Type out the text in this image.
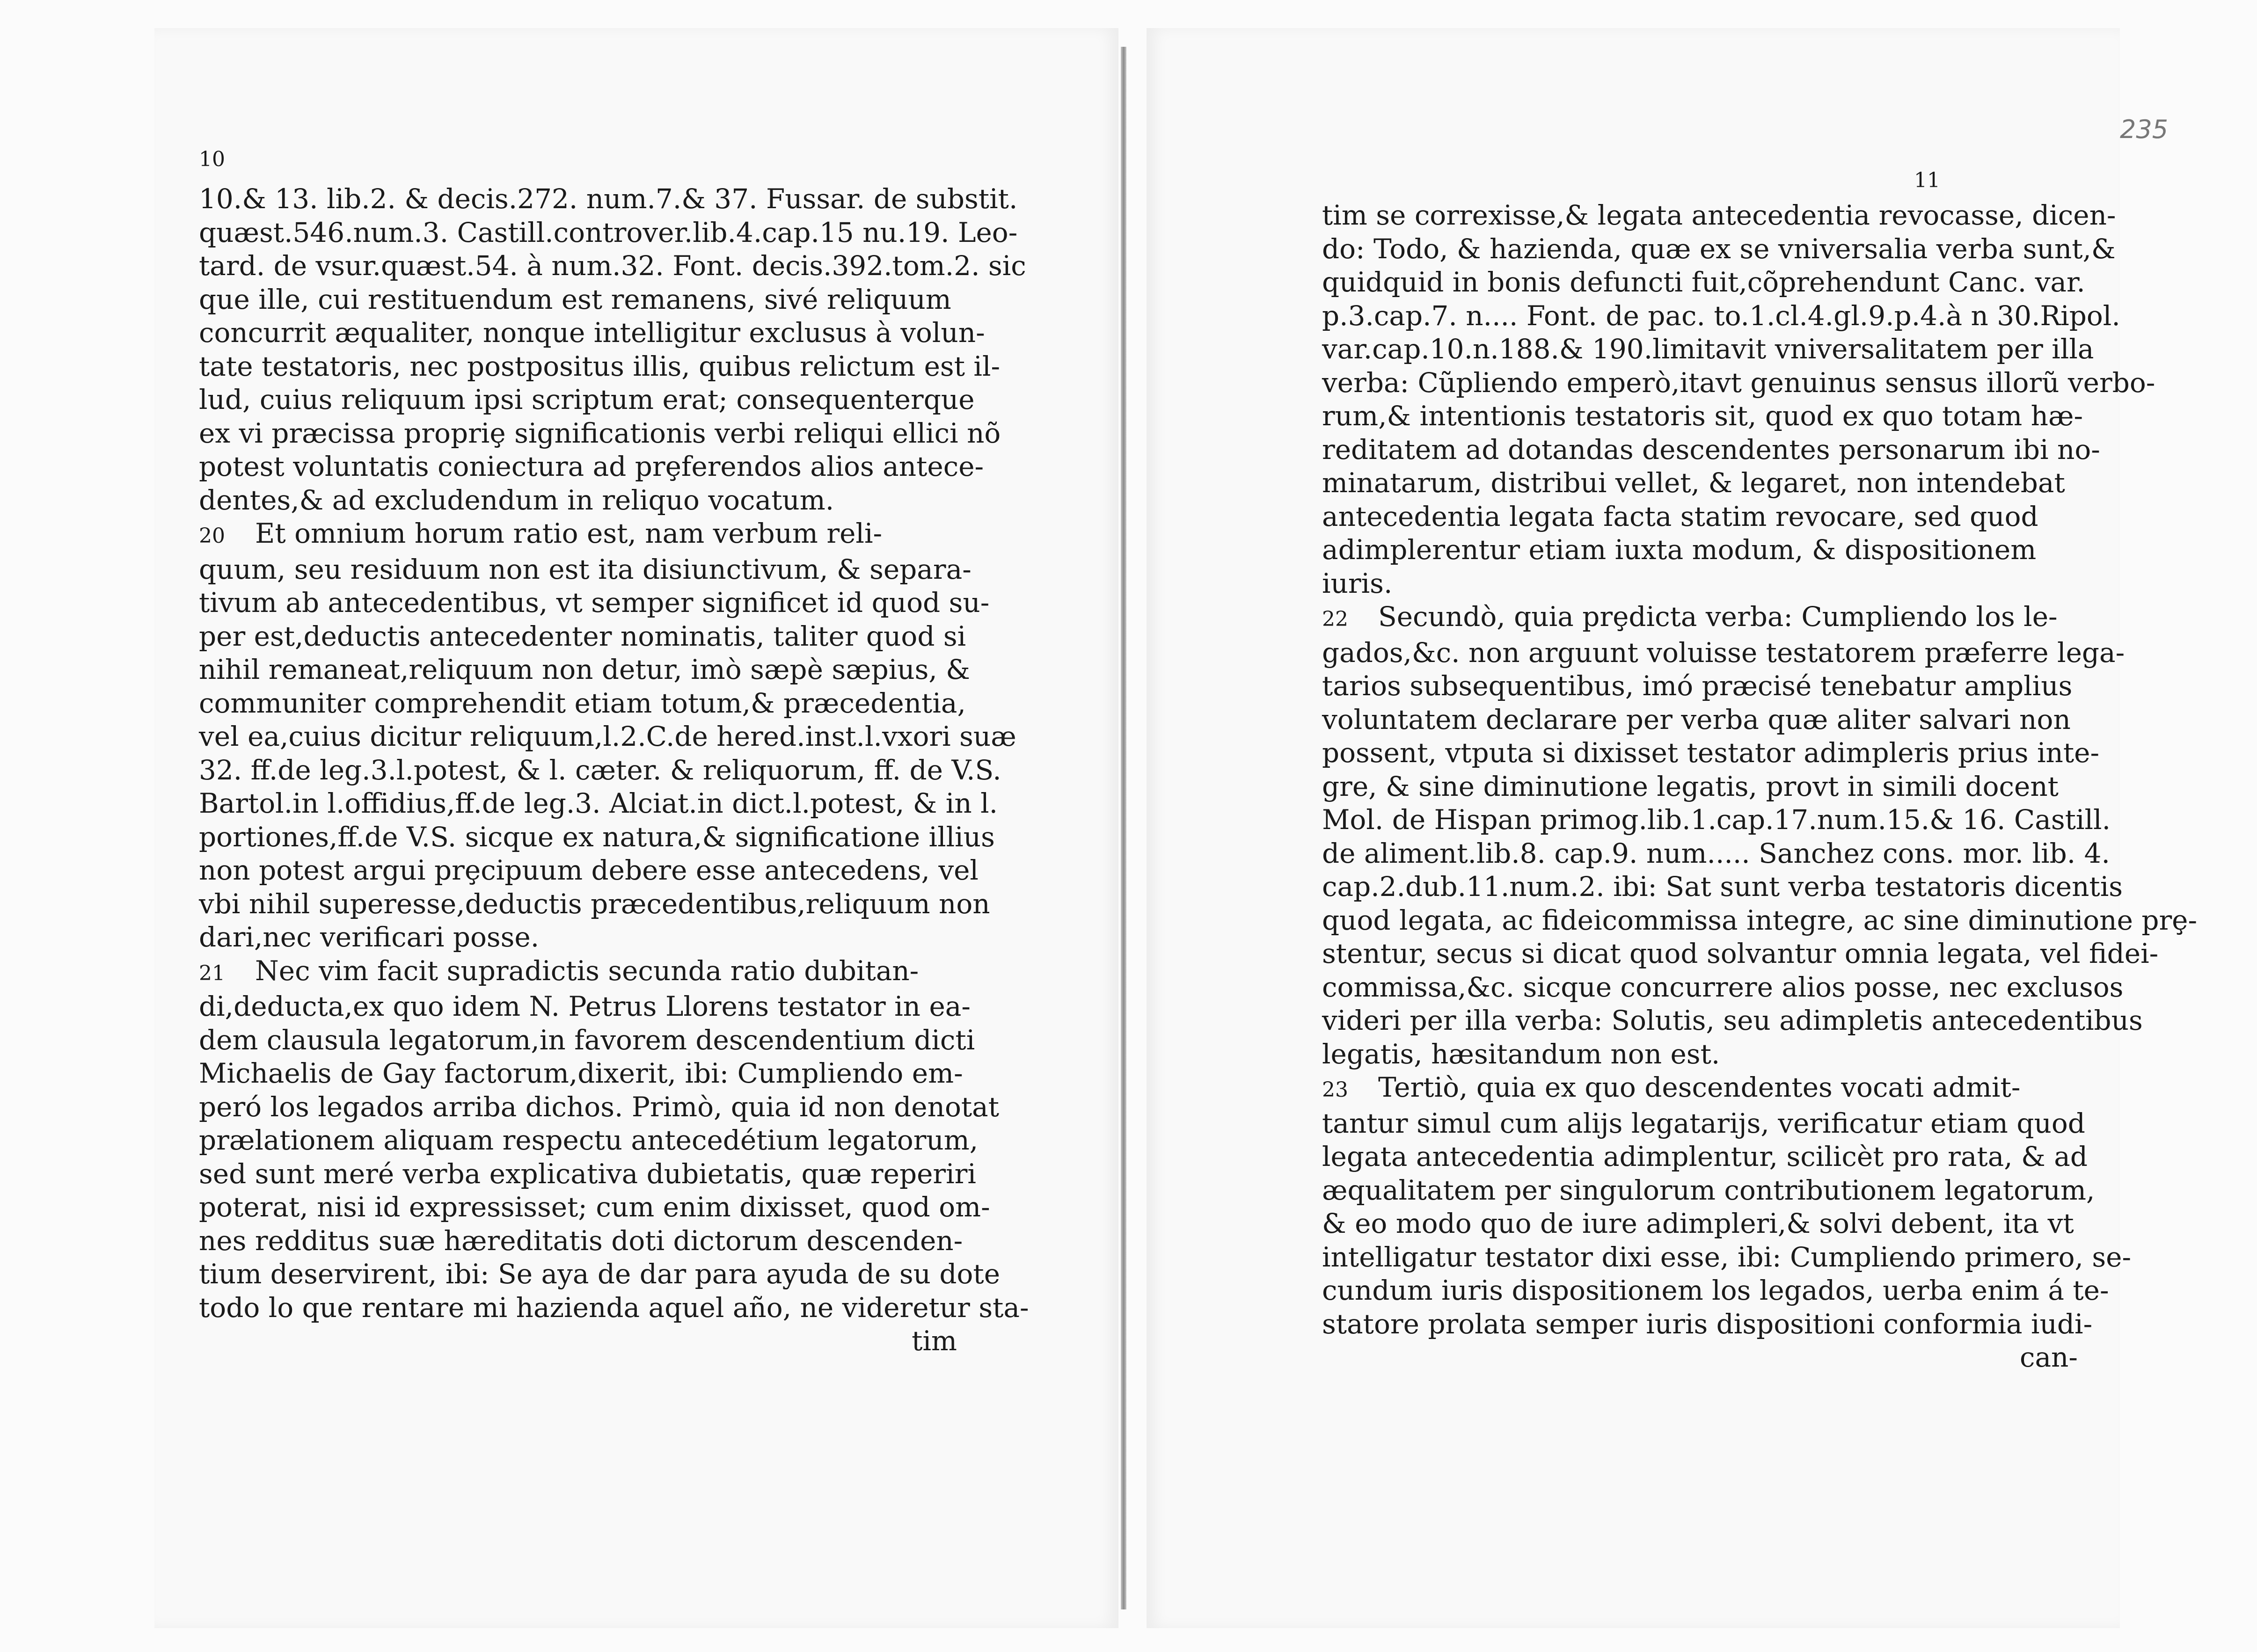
10
11
235
10.& 13. lib.2. & decis.272. num.7.& 37. Fussar. de substit.
quæst.546.num.3. Castill.controver.lib.4.cap.15 nu.19. Leo-
tard. de vsur.quæst.54. à num.32. Font. decis.392.tom.2. sic
que ille, cui restituendum est remanens, sivé reliquum
concurrit æqualiter, nonque intelligitur exclusus à volun-
tate testatoris, nec postpositus illis, quibus relictum est il-
lud, cuius reliquum ipsi scriptum erat; consequenterque
ex vi præcissa propriȩ significationis verbi reliqui ellici nõ
potest voluntatis coniectura ad prȩferendos alios antece-
dentes,& ad excludendum in reliquo vocatum.
20 Et omnium horum ratio est, nam verbum reli-
quum, seu residuum non est ita disiunctivum, & separa-
tivum ab antecedentibus, vt semper significet id quod su-
per est,deductis antecedenter nominatis, taliter quod si
nihil remaneat,reliquum non detur, imò sæpè sæpius, &
communiter comprehendit etiam totum,& præcedentia,
vel ea,cuius dicitur reliquum,l.2.C.de hered.inst.l.vxori suæ
32. ff.de leg.3.l.potest, & l. cæter. & reliquorum, ff. de V.S.
Bartol.in l.offidius,ff.de leg.3. Alciat.in dict.l.potest, & in l.
portiones,ff.de V.S. sicque ex natura,& significatione illius
non potest argui prȩcipuum debere esse antecedens, vel
vbi nihil superesse,deductis præcedentibus,reliquum non
dari,nec verificari posse.
21 Nec vim facit supradictis secunda ratio dubitan-
di,deducta,ex quo idem N. Petrus Llorens testator in ea-
dem clausula legatorum,in favorem descendentium dicti
Michaelis de Gay factorum,dixerit, ibi: Cumpliendo em-
peró los legados arriba dichos. Primò, quia id non denotat
prælationem aliquam respectu antecedétium legatorum,
sed sunt meré verba explicativa dubietatis, quæ reperiri
poterat, nisi id expressisset; cum enim dixisset, quod om-
nes redditus suæ hæreditatis doti dictorum descenden-
tium deservirent, ibi: Se aya de dar para ayuda de su dote
todo lo que rentare mi hazienda aquel año, ne videretur sta-
tim
tim se correxisse,& legata antecedentia revocasse, dicen-
do: Todo, & hazienda, quæ ex se vniversalia verba sunt,&
quidquid in bonis defuncti fuit,cõprehendunt Canc. var.
p.3.cap.7. n.... Font. de pac. to.1.cl.4.gl.9.p.4.à n 30.Ripol.
var.cap.10.n.188.& 190.limitavit vniversalitatem per illa
verba: Cũpliendo emperò,itavt genuinus sensus illorũ verbo-
rum,& intentionis testatoris sit, quod ex quo totam hæ-
reditatem ad dotandas descendentes personarum ibi no-
minatarum, distribui vellet, & legaret, non intendebat
antecedentia legata facta statim revocare, sed quod
adimplerentur etiam iuxta modum, & dispositionem
iuris.
22 Secundò, quia prȩdicta verba: Cumpliendo los le-
gados,&c. non arguunt voluisse testatorem præferre lega-
tarios subsequentibus, imó præcisé tenebatur amplius
voluntatem declarare per verba quæ aliter salvari non
possent, vtputa si dixisset testator adimpleris prius inte-
gre, & sine diminutione legatis, provt in simili docent
Mol. de Hispan primog.lib.1.cap.17.num.15.& 16. Castill.
de aliment.lib.8. cap.9. num..... Sanchez cons. mor. lib. 4.
cap.2.dub.11.num.2. ibi: Sat sunt verba testatoris dicentis
quod legata, ac fideicommissa integre, ac sine diminutione prȩ-
stentur, secus si dicat quod solvantur omnia legata, vel fidei-
commissa,&c. sicque concurrere alios posse, nec exclusos
videri per illa verba: Solutis, seu adimpletis antecedentibus
legatis, hæsitandum non est.
23 Tertiò, quia ex quo descendentes vocati admit-
tantur simul cum alijs legatarijs, verificatur etiam quod
legata antecedentia adimplentur, scilicèt pro rata, & ad
æqualitatem per singulorum contributionem legatorum,
& eo modo quo de iure adimpleri,& solvi debent, ita vt
intelligatur testator dixi esse, ibi: Cumpliendo primero, se-
cundum iuris dispositionem los legados, uerba enim á te-
statore prolata semper iuris dispositioni conformia iudi-
can-
